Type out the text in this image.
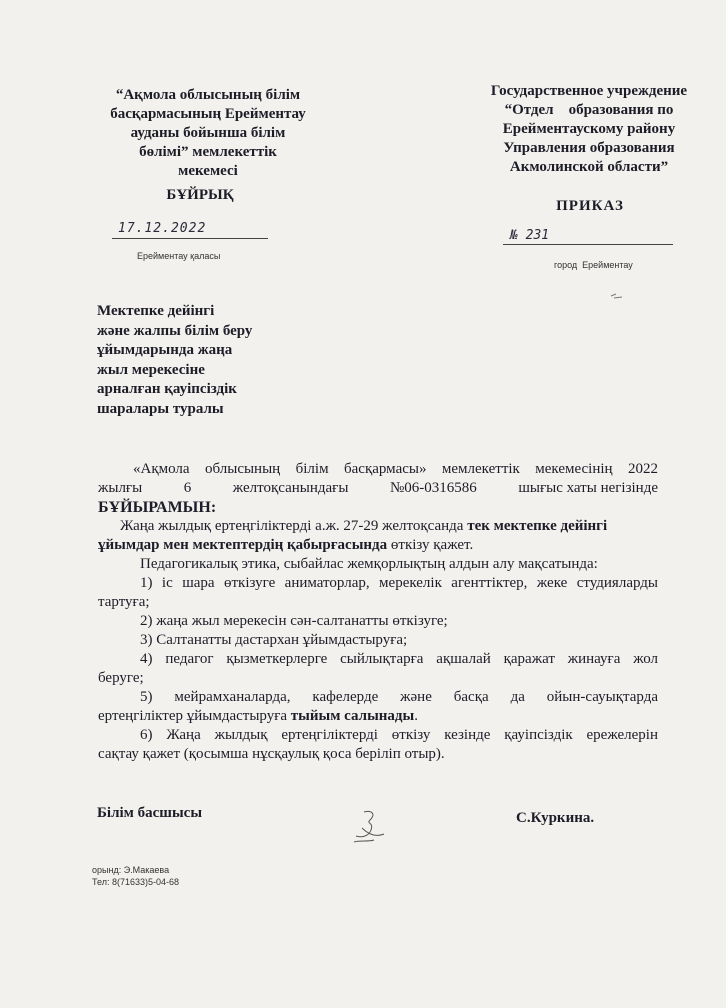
“Ақмола облысының білім
басқармасының Ерейментау
ауданы бойынша білім
бөлімі” мемлекеттік
мекемесі
БҰЙРЫҚ
17.12.2022
Ерейментау қаласы
Государственное учреждение
“Отдел    образования по
Ерейментаускому району
Управления образования
Акмолинской области”
ПРИКАЗ
№ 231
город  Ерейментау
Мектепке дейінгі
және жалпы білім беру
ұйымдарында жаңа
жыл мерекесіне
арналған қауіпсіздік
шаралары туралы

«Ақмола облысының білім басқармасы» мемлекеттік мекемесінің 2022

жылғы	6	желтоқсанындағы	№06-0316586	шығыс хаты негізінде

БҰЙЫРАМЫН:

Жаңа жылдық ертеңгіліктерді а.ж. 27-29 желтоқсанда тек мектепке дейінгі

ұйымдар мен мектептердің қабырғасында өткізу қажет.

Педагогикалық этика, сыбайлас жемқорлықтың алдын алу мақсатында:

1) іс шара өткізуге аниматорлар, мерекелік агенттіктер, жеке студияларды

тартуға;

2) жаңа жыл мерекесін сән-салтанатты өткізуге;

3) Салтанатты дастархан ұйымдастыруға;

4) педагог қызметкерлерге сыйлықтарға ақшалай қаражат жинауға жол

беруге;

5) мейрамханаларда, кафелерде және басқа да ойын-сауықтарда

ертеңгіліктер ұйымдастыруға тыйым салынады.

6) Жаңа жылдық ертеңгіліктерді өткізу кезінде қауіпсіздік ережелерін

сақтау қажет (қосымша нұсқаулық қоса беріліп отыр).

Білім басшысы	С.Куркина.
орынд: Э.Макаева
Тел: 8(71633)5-04-68
